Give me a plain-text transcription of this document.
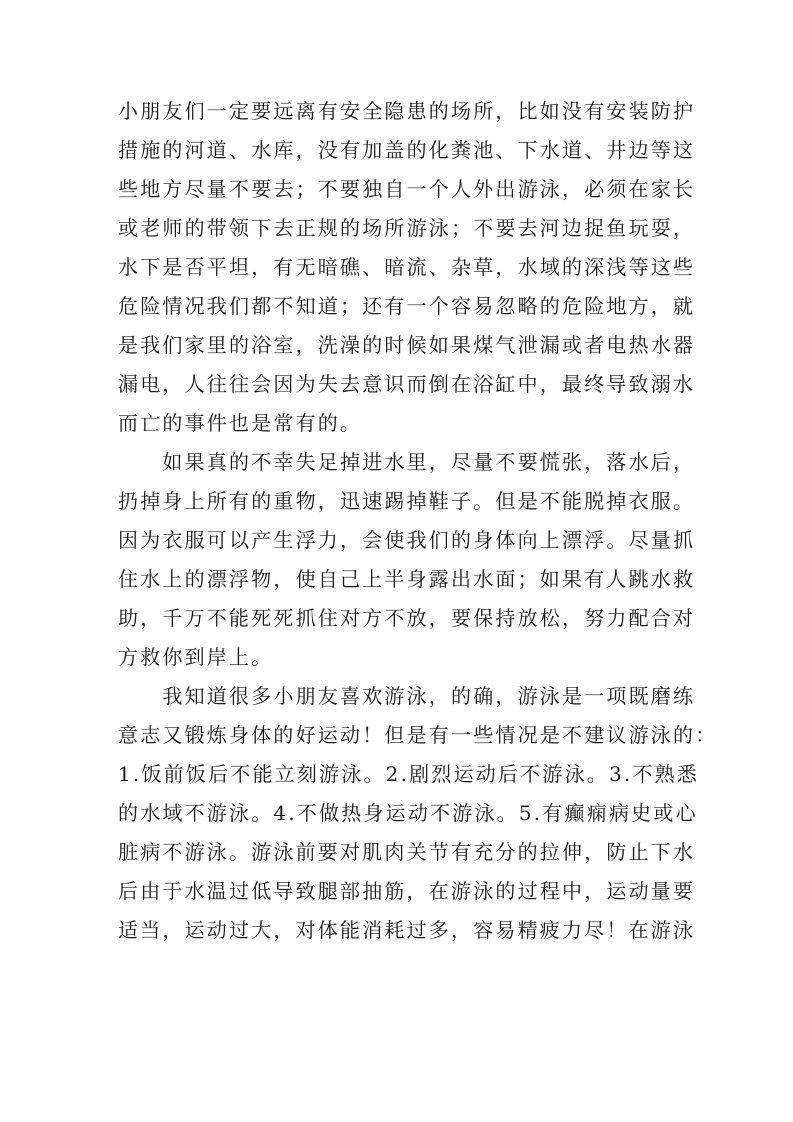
小朋友们一定要远离有安全隐患的场所，比如没有安装防护
措施的河道、水库，没有加盖的化粪池、下水道、井边等这
些地方尽量不要去；不要独自一个人外出游泳，必须在家长
或老师的带领下去正规的场所游泳；不要去河边捉鱼玩耍，
水下是否平坦，有无暗礁、暗流、杂草，水域的深浅等这些
危险情况我们都不知道；还有一个容易忽略的危险地方，就
是我们家里的浴室，洗澡的时候如果煤气泄漏或者电热水器
漏电，人往往会因为失去意识而倒在浴缸中，最终导致溺水
而亡的事件也是常有的。
　　如果真的不幸失足掉进水里，尽量不要慌张，落水后，
扔掉身上所有的重物，迅速踢掉鞋子。但是不能脱掉衣服。
因为衣服可以产生浮力，会使我们的身体向上漂浮。尽量抓
住水上的漂浮物，使自己上半身露出水面；如果有人跳水救
助，千万不能死死抓住对方不放，要保持放松，努力配合对
方救你到岸上。
　　我知道很多小朋友喜欢游泳，的确，游泳是一项既磨练
意志又锻炼身体的好运动！但是有一些情况是不建议游泳的：
1.饭前饭后不能立刻游泳。2.剧烈运动后不游泳。3.不熟悉
的水域不游泳。4.不做热身运动不游泳。5.有癫痫病史或心
脏病不游泳。游泳前要对肌肉关节有充分的拉伸，防止下水
后由于水温过低导致腿部抽筋，在游泳的过程中，运动量要
适当，运动过大，对体能消耗过多，容易精疲力尽！在游泳
